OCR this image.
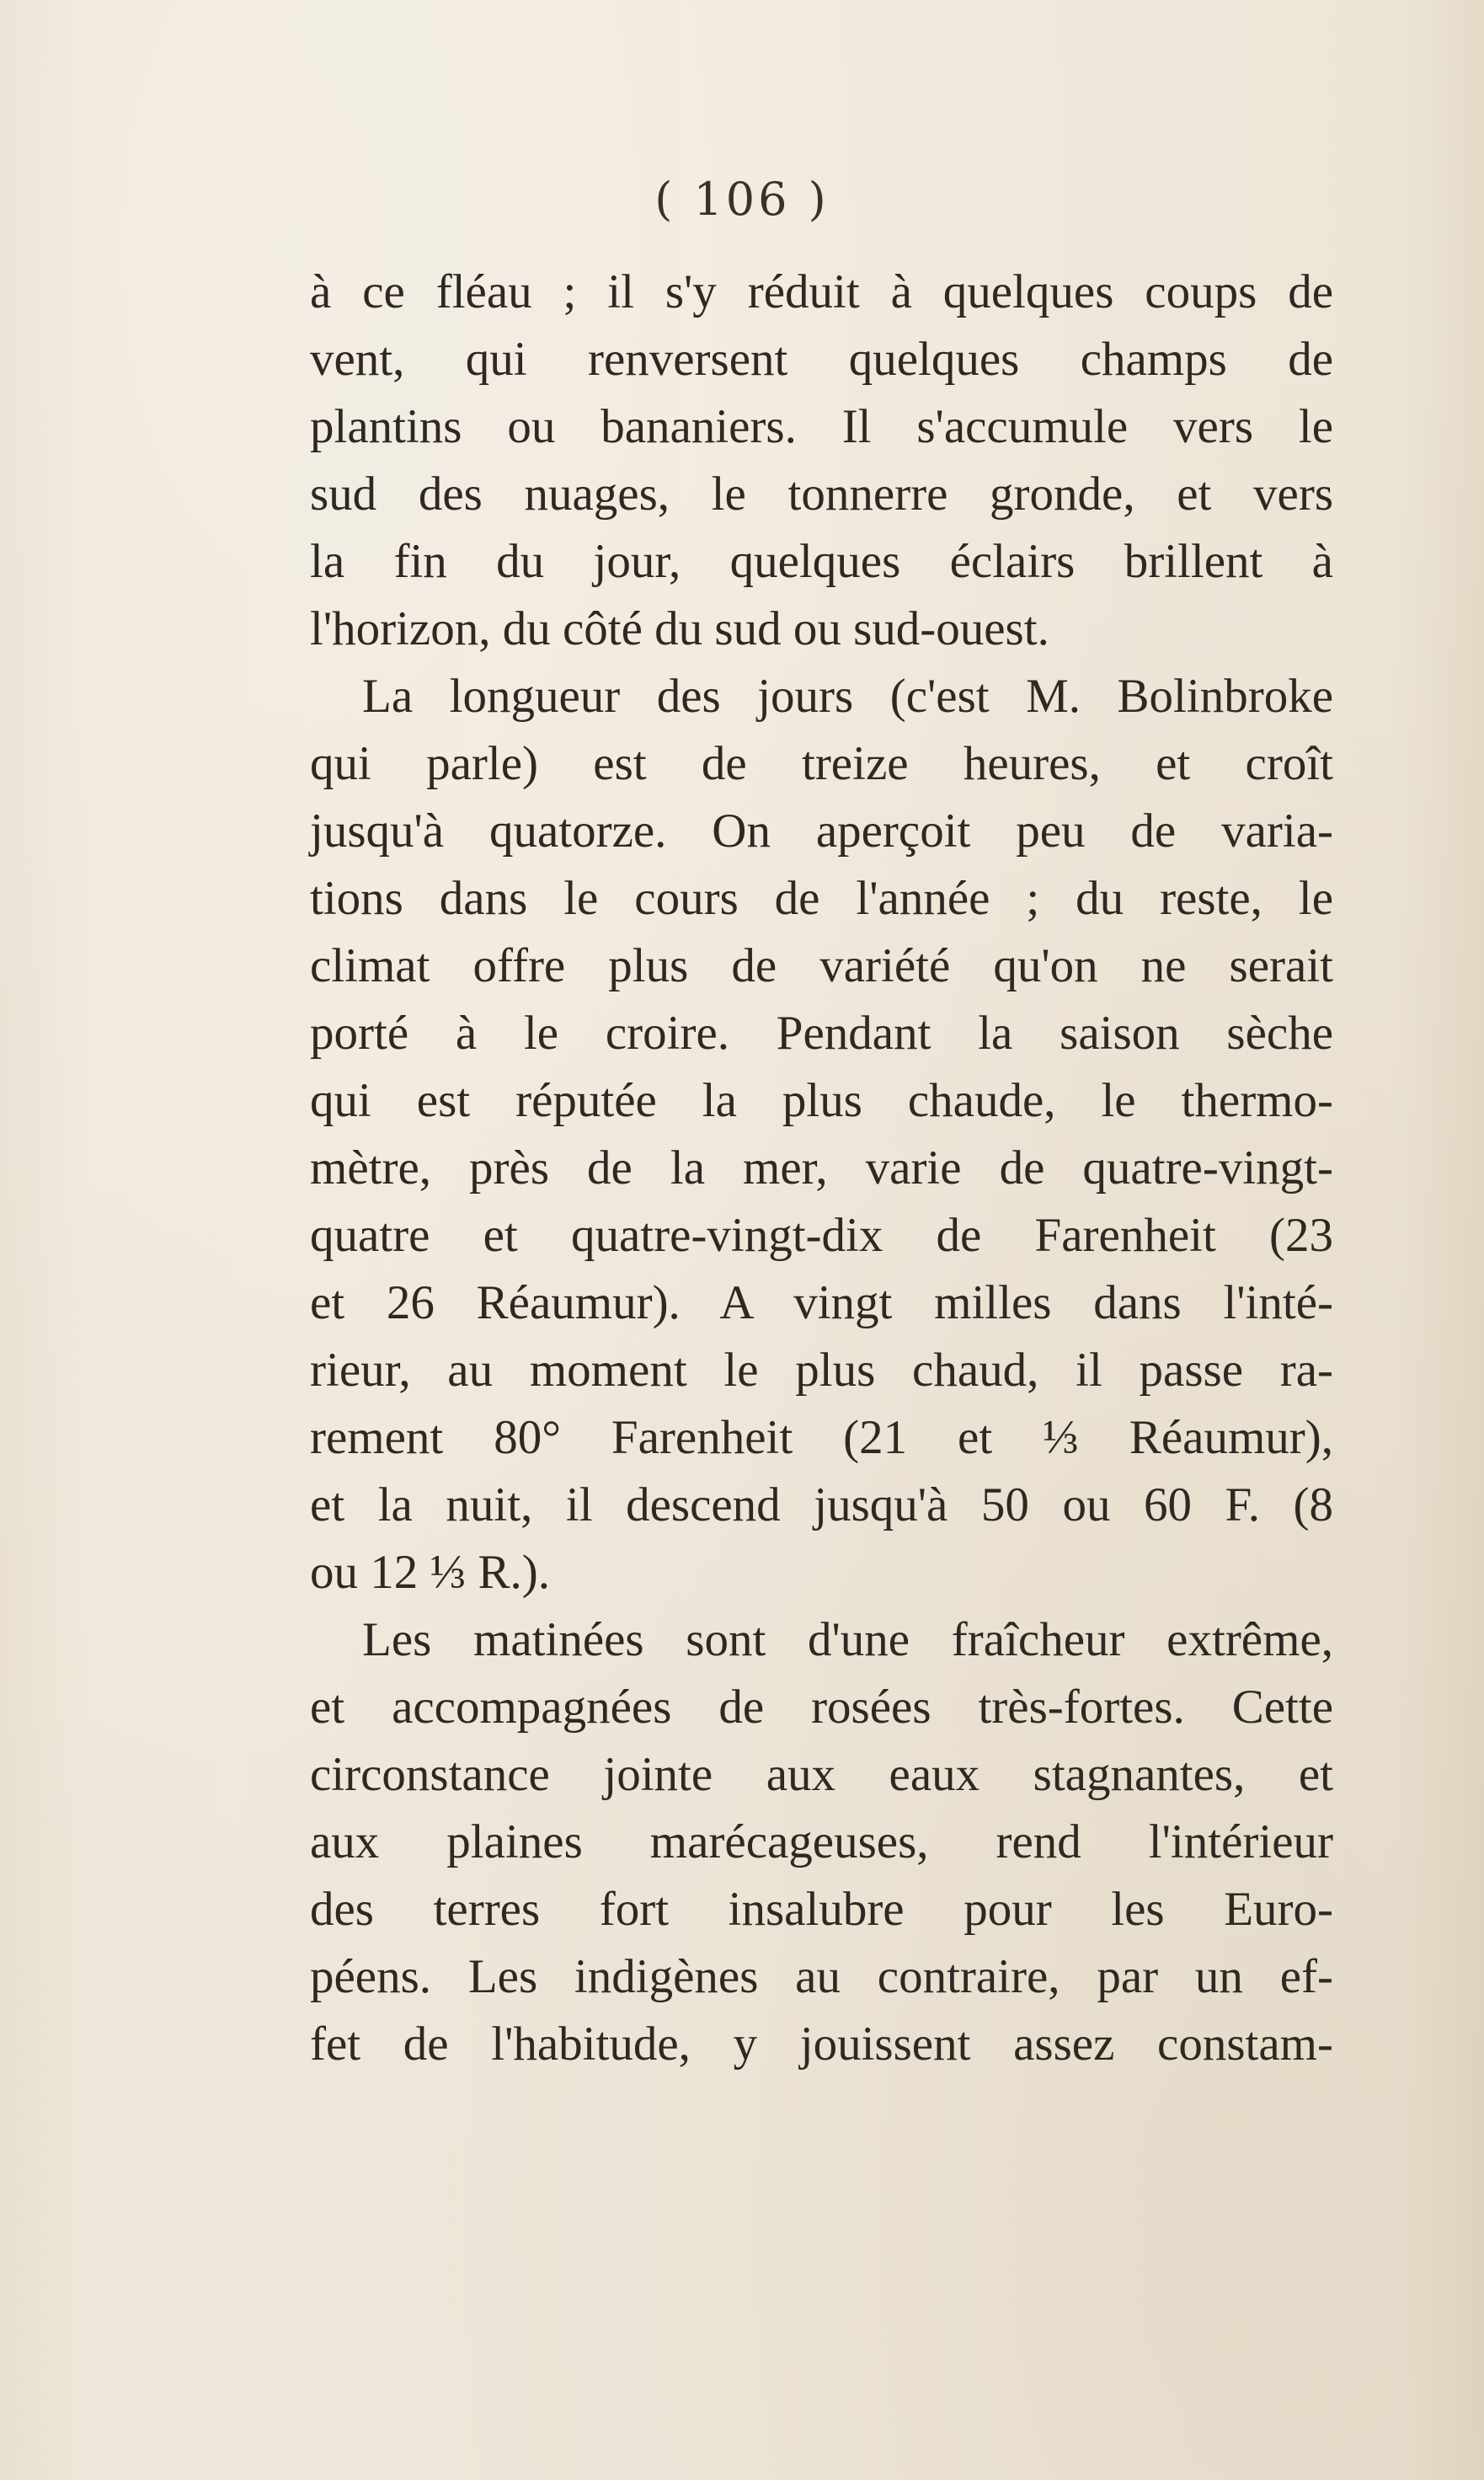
( 106 )
à ce fléau ; il s'y réduit à quelques coups de
vent, qui renversent quelques champs de
plantins ou bananiers. Il s'accumule vers le
sud des nuages, le tonnerre gronde, et vers
la fin du jour, quelques éclairs brillent à
l'horizon, du côté du sud ou sud-ouest.
La longueur des jours (c'est M. Bolinbroke
qui parle) est de treize heures, et croît
jusqu'à quatorze. On aperçoit peu de varia-
tions dans le cours de l'année ; du reste, le
climat offre plus de variété qu'on ne serait
porté à le croire. Pendant la saison sèche
qui est réputée la plus chaude, le thermo-
mètre, près de la mer, varie de quatre-vingt-
quatre et quatre-vingt-dix de Farenheit (23
et 26 Réaumur). A vingt milles dans l'inté-
rieur, au moment le plus chaud, il passe ra-
rement 80° Farenheit (21 et ⅓ Réaumur),
et la nuit, il descend jusqu'à 50 ou 60 F. (8
ou 12 ⅓ R.).
Les matinées sont d'une fraîcheur extrême,
et accompagnées de rosées très-fortes. Cette
circonstance jointe aux eaux stagnantes, et
aux plaines marécageuses, rend l'intérieur
des terres fort insalubre pour les Euro-
péens. Les indigènes au contraire, par un ef-
fet de l'habitude, y jouissent assez constam-
